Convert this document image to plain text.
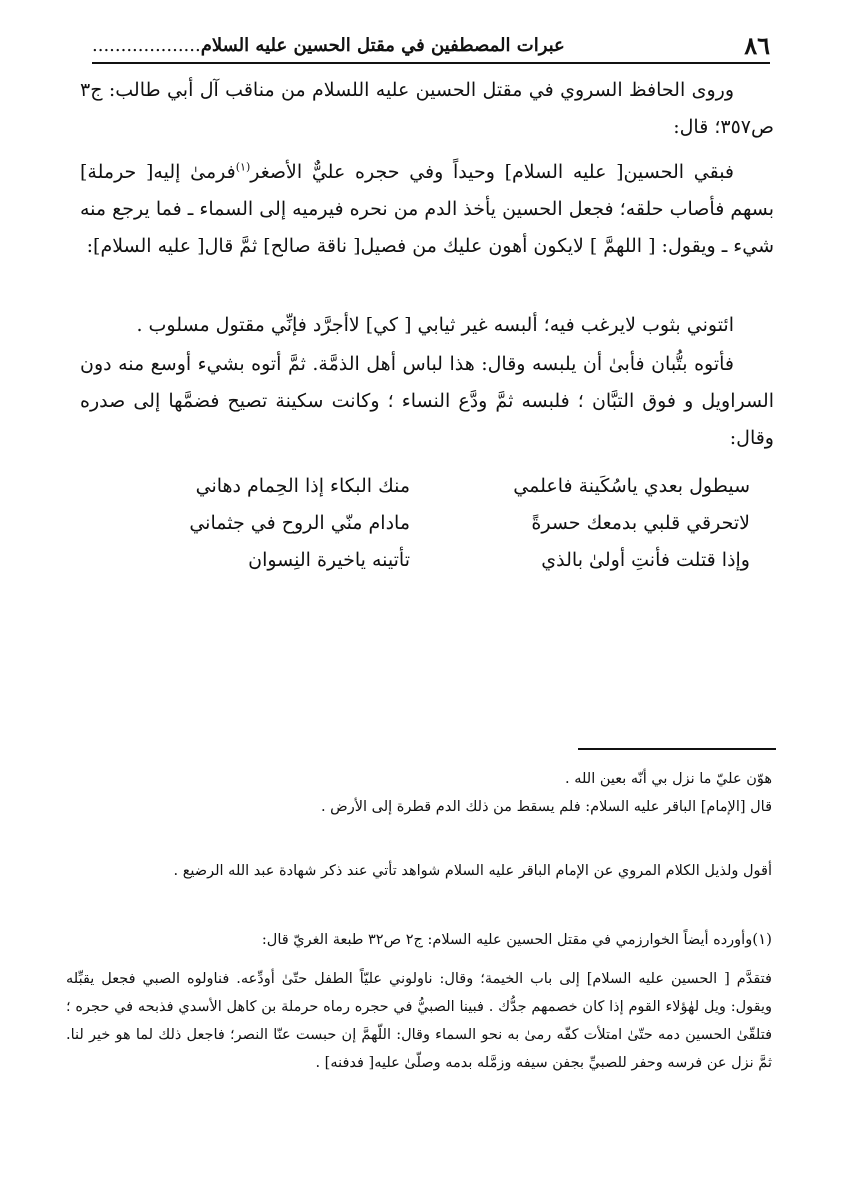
٨٦
عبرات المصطفين في مقتل الحسين عليه السلام...................

وروى الحافظ السروي في مقتل الحسين عليه اللسلام من مناقب آل أبي طالب: ج٣ ص٣٥٧؛ قال:

فبقي الحسين[ عليه السلام] وحيداً وفي حجره عليٌّ الأصغر$^{(١)}$فرمىٰ إليه[ حرملة] بسهم فأصاب حلقه؛ فجعل الحسين يأخذ الدم من نحره فيرميه إلى السماء ـ فما يرجع منه شيء ـ ويقول: [ اللهمَّ ] لايكون أهون عليك من فصيل[ ناقة صالح] ثمَّ قال[ عليه السلام]:

ائتوني بثوب لايرغب فيه؛ ألبسه غير ثيابي [ كي] لاأجرَّد فإنِّي مقتول مسلوب .

فأتوه بتُّبان فأبىٰ أن يلبسه وقال: هذا لباس أهل الذمَّة. ثمَّ أتوه بشيء أوسع منه دون السراويل و فوق التبَّان ؛ فلبسه ثمَّ ودَّع النساء ؛ وكانت سكينة تصيح فضمَّها إلى صدره وقال:

سيطول بعدي ياسُكَينة فاعلمي
منك البكاء إذا الحِمام دهاني
لاتحرقي قلبي بدمعك حسرةً
مادام منّي الروح في جثماني
وإذا قتلت فأنتِ أولىٰ بالذي
تأتينه ياخيرة النِسوان

هوّن عليّ ما نزل بي أنّه بعين الله .

قال [الإمام] الباقر عليه السلام: فلم يسقط من ذلك الدم قطرة إلى الأرض .

أقول ولذيل الكلام المروي عن الإمام الباقر عليه السلام شواهد تأتي عند ذكر شهادة عبد الله الرضيع .

(١)وأورده أيضاً الخوارزمي في مقتل الحسين عليه السلام: ج٢ ص٣٢ طبعة الغريّ قال:

فتقدَّم [ الحسين عليه السلام] إلى باب الخيمة؛ وقال: ناولوني عليّاً الطفل حتّىٰ أودِّعه. فناولوه الصبي فجعل يقبِّله ويقول: ويل لهٰؤلاء القوم إذا كان خصمهم جدُّك . فبينا الصبيُّ في حجره رماه حرملة بن كاهل الأسدي فذبحه في حجره ؛ فتلقّىٰ الحسين دمه حتّىٰ امتلأت كفّه رمىٰ به نحو السماء وقال: اللّهمَّ إن حبست عنّا النصر؛ فاجعل ذلك لما هو خير لنا. ثمَّ نزل عن فرسه وحفر للصبيِّ بجفن سيفه وزمَّله بدمه وصلّىٰ عليه[ فدفنه] .
